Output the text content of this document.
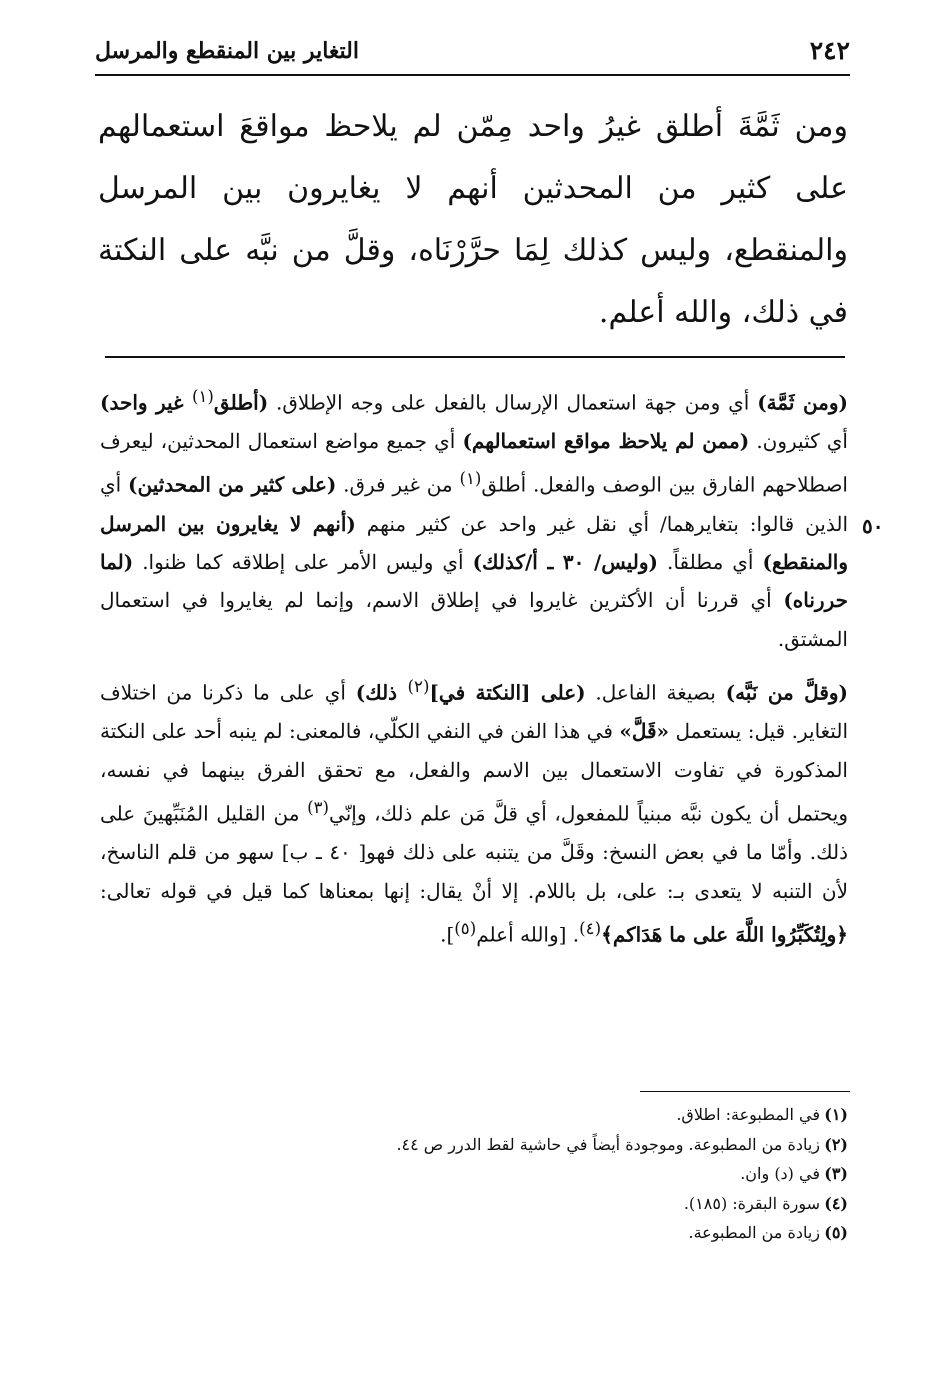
٢٤٢
التغاير بين المنقطع والمرسل

ومن ثَمَّةَ أطلق غيرُ واحد مِمّن لم يلاحظ مواقعَ استعمالهم على كثير من المحدثين أنهم لا يغايرون بين المرسل والمنقطع، وليس كذلك لِمَا حرَّرْنَاه، وقلَّ من نبَّه على النكتة في ذلك، والله أعلم.

٥٠

(ومن ثَمَّة) أي ومن جهة استعمال الإرسال بالفعل على وجه الإطلاق. (أطلق$^{(١)}$ غير واحد) أي كثيرون. (ممن لم يلاحظ مواقع استعمالهم) أي جميع مواضع استعمال المحدثين، ليعرف اصطلاحهم الفارق بين الوصف والفعل. أطلق$^{(١)}$ من غير فرق. (على كثير من المحدثين) أي الذين قالوا: بتغايرهما/ أي نقل غير واحد عن كثير منهم (أنهم لا يغايرون بين المرسل والمنقطع) أي مطلقاً. (وليس/ ٣٠ ـ أ/كذلك) أي وليس الأمر على إطلاقه كما ظنوا. (لما حررناه) أي قررنا أن الأكثرين غايروا في إطلاق الاسم، وإنما لم يغايروا في استعمال المشتق.

(وقلَّ من نَبَّه) بصيغة الفاعل. (على [النكتة في]$^{(٢)}$ ذلك) أي على ما ذكرنا من اختلاف التغاير. قيل: يستعمل «قَلَّ» في هذا الفن في النفي الكلّي، فالمعنى: لم ينبه أحد على النكتة المذكورة في تفاوت الاستعمال بين الاسم والفعل، مع تحقق الفرق بينهما في نفسه، ويحتمل أن يكون نبَّه مبنياً للمفعول، أي قلَّ مَن علم ذلك، وإنّي$^{(٣)}$ من القليل المُنَبِّهينَ على ذلك. وأمّا ما في بعض النسخ: وقَلَّ من يتنبه على ذلك فهو[ ٤٠ ـ ب] سهو من قلم الناسخ، لأن التنبه لا يتعدى بـ: على، بل باللام. إلا أنْ يقال: إنها بمعناها كما قيل في قوله تعالى: ﴿ولِتُكَبِّرُوا اللَّهَ على ما هَدَاكم﴾$^{(٤)}$. [والله أعلم$^{(٥)}$].

(١)في المطبوعة: اطلاق.
(٢)زيادة من المطبوعة. وموجودة أيضاً في حاشية لقط الدرر ص ٤٤.
(٣)في (د) وان.
(٤)سورة البقرة: (١٨٥).
(٥)زيادة من المطبوعة.
